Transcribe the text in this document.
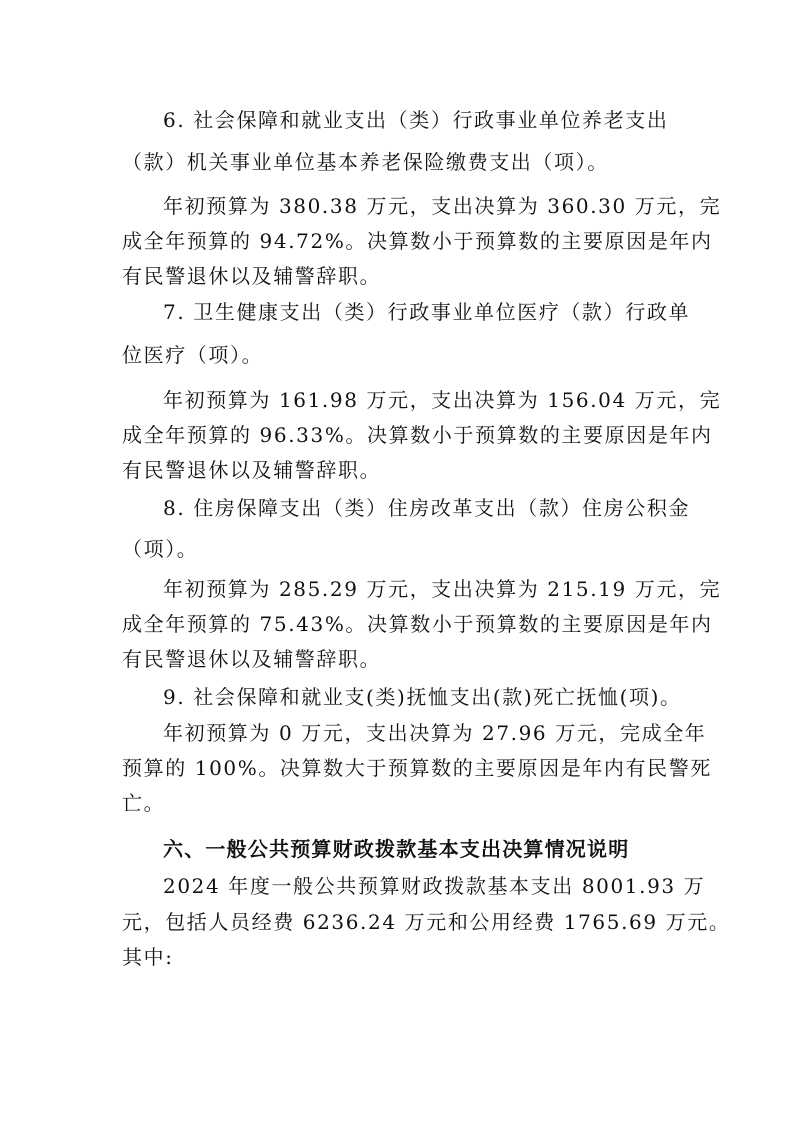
6. 社会保障和就业支出（类）行政事业单位养老支出
（款）机关事业单位基本养老保险缴费支出（项）。
年初预算为 380.38 万元，支出决算为 360.30 万元，完
成全年预算的 94.72%。决算数小于预算数的主要原因是年内
有民警退休以及辅警辞职。
7. 卫生健康支出（类）行政事业单位医疗（款）行政单
位医疗（项）。
年初预算为 161.98 万元，支出决算为 156.04 万元，完
成全年预算的 96.33%。决算数小于预算数的主要原因是年内
有民警退休以及辅警辞职。
8. 住房保障支出（类）住房改革支出（款）住房公积金
（项）。
年初预算为 285.29 万元，支出决算为 215.19 万元，完
成全年预算的 75.43%。决算数小于预算数的主要原因是年内
有民警退休以及辅警辞职。
9. 社会保障和就业支(类)抚恤支出(款)死亡抚恤(项)。
年初预算为 0 万元，支出决算为 27.96 万元，完成全年
预算的 100%。决算数大于预算数的主要原因是年内有民警死
亡。
六、一般公共预算财政拨款基本支出决算情况说明
2024 年度一般公共预算财政拨款基本支出 8001.93 万
元，包括人员经费 6236.24 万元和公用经费 1765.69 万元。
其中:
